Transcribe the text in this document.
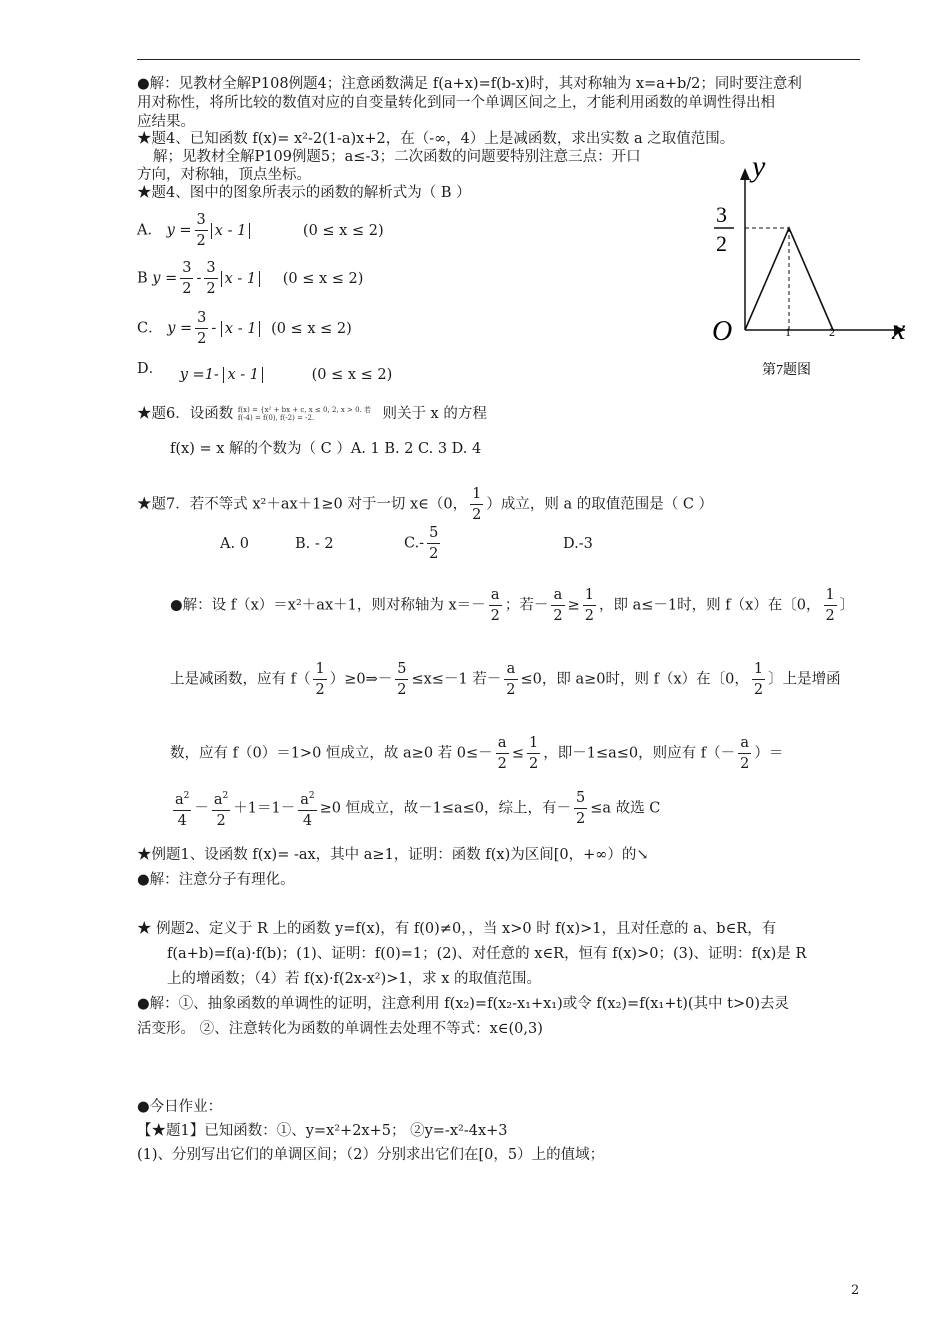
●解：见教材全解P108例题4；注意函数满足 f(a+x)=f(b-x)时，其对称轴为 x=a+b/2；同时要注意利
用对称性，将所比较的数值对应的自变量转化到同一个单调区间之上，才能利用函数的单调性得出相
应结果。
★题4、已知函数 f(x)= x²-2(1-a)x+2，在（-∞，4）上是减函数，求出实数 a 之取值范围。
解；见教材全解P109例题5；a≤-3；二次函数的问题要特别注意三点：开口
方向，对称轴，顶点坐标。
★题4、图中的图象所表示的函数的解析式为（ B ）
A． $y = \frac{3}{2}$ x - 1	(0 ≤ x ≤ 2)
B $y = \frac{3}{2} - \frac{3}{2}$ x - 1 (0 ≤ x ≤ 2)
C． $y = \frac{3}{2} - x - 1$ (0 ≤ x ≤ 2)
D． y =1- x - 1	(0 ≤ x ≤ 2)
y
x
O	1	2
3
2
第7题图
★题6．设函数 f(x) = {x² + bx + c, x ≤ 0, 2, x > 0. 若 f(-4) = f(0), f(-2) = -2.	则关于 x 的方程
f(x) = x 解的个数为（ C ）A. 1 B. 2 C. 3 D. 4
★题7．若不等式 x²＋ax＋1≥0 对于一切 x∈（0， $\frac{1}{2}$ ）成立，则 a 的取值范围是（ C ）
A. 0	B. - 2	$C.- \frac{5}{2}$	D.-3
●解：设 f（x）＝x²＋ax＋1，则对称轴为 $x=- \frac{a}{2}$ ；若－ $\frac{a}{2} \ge \frac{1}{2}$ ，即 a≤－1时，则 f（x）在〔0， $\frac{1}{2}$ 〕
上是减函数，应有 $f( \frac{1}{2}$ ）≥0⇒－ $\frac{5}{2} \le x\le-1$ 若－ $\frac{a}{2} \le 0$，即 a≥0时，则 f（x）在〔0， $\frac{1}{2}$ 〕上是增函
数，应有 f（0）＝1>0 恒成立，故 a≥0 若 $0\le- \frac{a}{2} \le \frac{1}{2}$ ，即－1≤a≤0，则应有 $f(- \frac{a}{2}$ ）＝
$\frac{a^2}{4} - \frac{a^2}{2} +1=1- \frac{a^2}{4} \ge 0$ 恒成立，故－1≤a≤0，综上，有－ $\frac{5}{2} \le a$ 故选 C
★例题1、设函数 f(x)= -ax，其中 a≥1，证明：函数 f(x)为区间[0，+∞）的↘
●解：注意分子有理化。
★ 例题2、定义于 R 上的函数 y=f(x)，有 f(0)≠0，，当 x>0 时 f(x)>1，且对任意的 a、b∈R，有
f(a+b)=f(a)·f(b)；(1)、证明：f(0)=1；(2)、对任意的 x∈R，恒有 f(x)>0；(3)、证明：f(x)是 R
上的增函数；（4）若 f(x)·f(2x-x²)>1，求 x 的取值范围。
●解：①、抽象函数的单调性的证明，注意利用 f(x₂)=f(x₂-x₁+x₁)或令 f(x₂)=f(x₁+t)(其中 t>0)去灵
活变形。 ②、注意转化为函数的单调性去处理不等式：x∈(0,3)
●今日作业：
【★题1】已知函数：①、y=x²+2x+5； ②y=-x²-4x+3
(1)、分别写出它们的单调区间；（2）分别求出它们在[0，5）上的值域；
2
